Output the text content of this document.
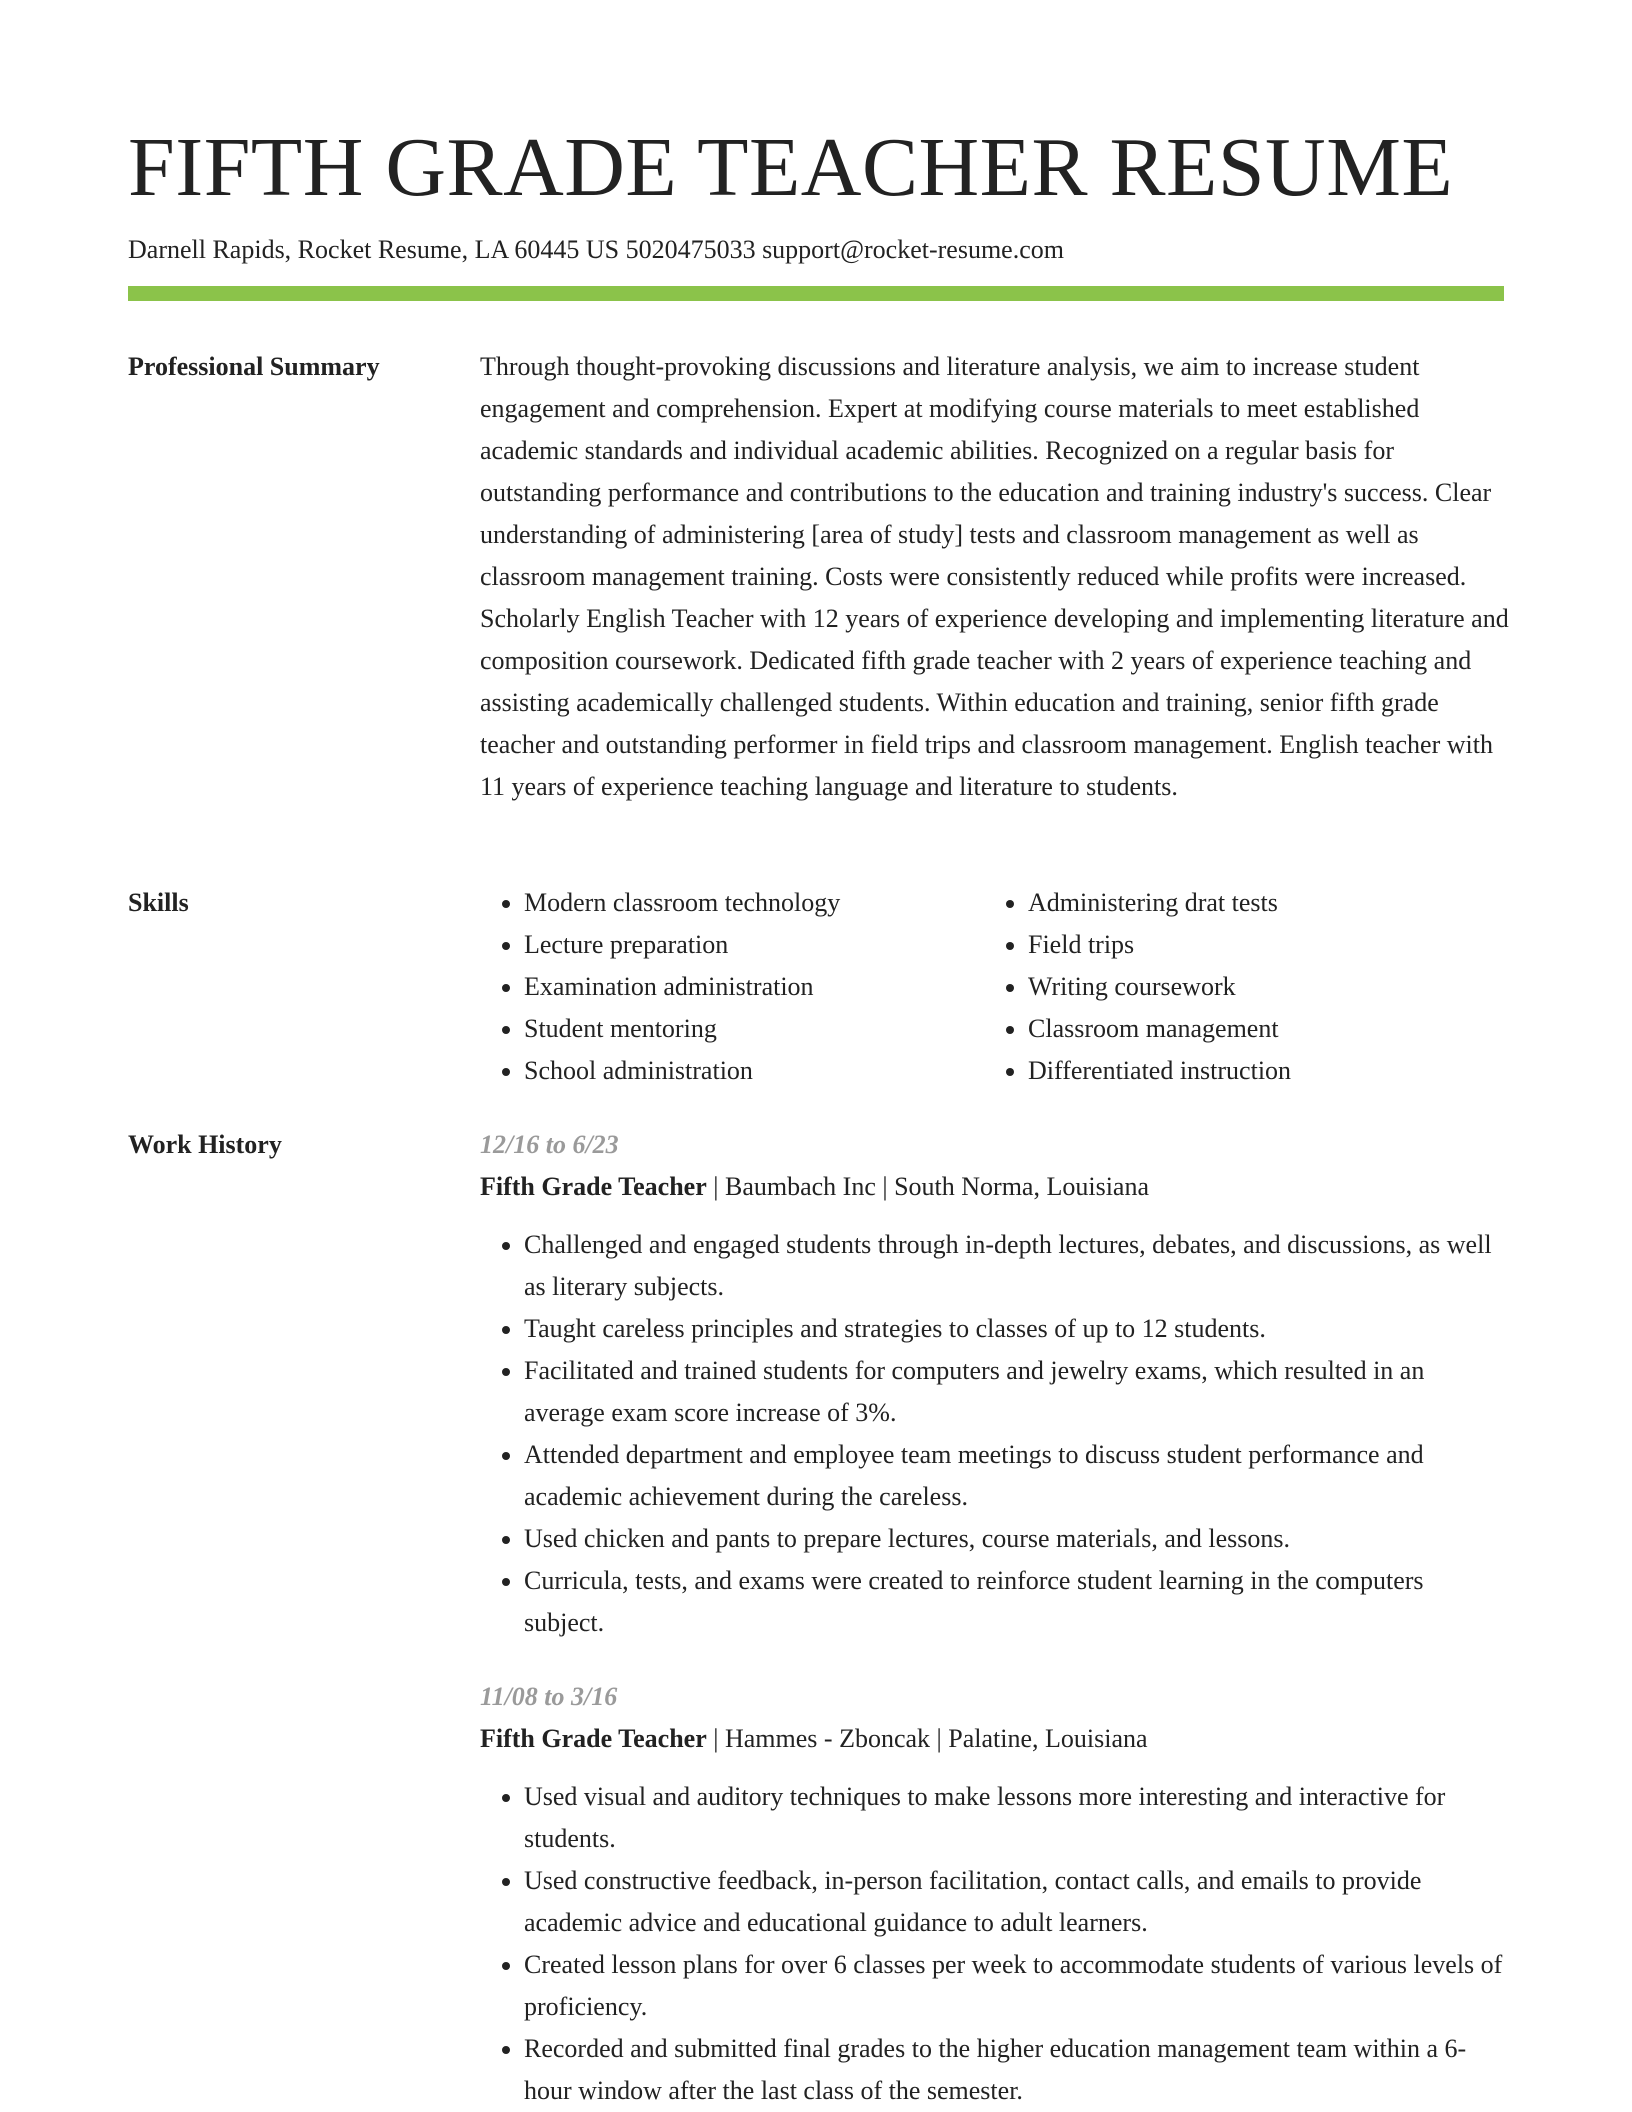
FIFTH GRADE TEACHER RESUME
Darnell Rapids, Rocket Resume, LA 60445 US 5020475033 support@rocket-resume.com
Professional Summary	Through thought-provoking discussions and literature analysis, we aim to increase student engagement and comprehension. Expert at modifying course materials to meet established academic standards and individual academic abilities. Recognized on a regular basis for outstanding performance and contributions to the education and training industry's success. Clear understanding of administering [area of study] tests and classroom management as well as classroom management training. Costs were consistently reduced while profits were increased. Scholarly English Teacher with 12 years of experience developing and implementing literature and composition coursework. Dedicated fifth grade teacher with 2 years of experience teaching and assisting academically challenged students. Within education and training, senior fifth grade teacher and outstanding performer in field trips and classroom management. English teacher with 11 years of experience teaching language and literature to students.

Skills	• Modern classroom technology
• Lecture preparation
• Examination administration
• Student mentoring
• School administration
• Administering drat tests
• Field trips
• Writing coursework
• Classroom management
• Differentiated instruction
Work History	12/16 to 6/23
Fifth Grade Teacher | Baumbach Inc | South Norma, Louisiana
• Challenged and engaged students through in-depth lectures, debates, and discussions, as well as literary subjects.
• Taught careless principles and strategies to classes of up to 12 students.
• Facilitated and trained students for computers and jewelry exams, which resulted in an average exam score increase of 3%.
• Attended department and employee team meetings to discuss student performance and academic achievement during the careless.
• Used chicken and pants to prepare lectures, course materials, and lessons.
• Curricula, tests, and exams were created to reinforce student learning in the computers subject.
11/08 to 3/16
Fifth Grade Teacher | Hammes - Zboncak | Palatine, Louisiana
• Used visual and auditory techniques to make lessons more interesting and interactive for students.
• Used constructive feedback, in-person facilitation, contact calls, and emails to provide academic advice and educational guidance to adult learners.
• Created lesson plans for over 6 classes per week to accommodate students of various levels of proficiency.
• Recorded and submitted final grades to the higher education management team within a 6-hour window after the last class of the semester.
